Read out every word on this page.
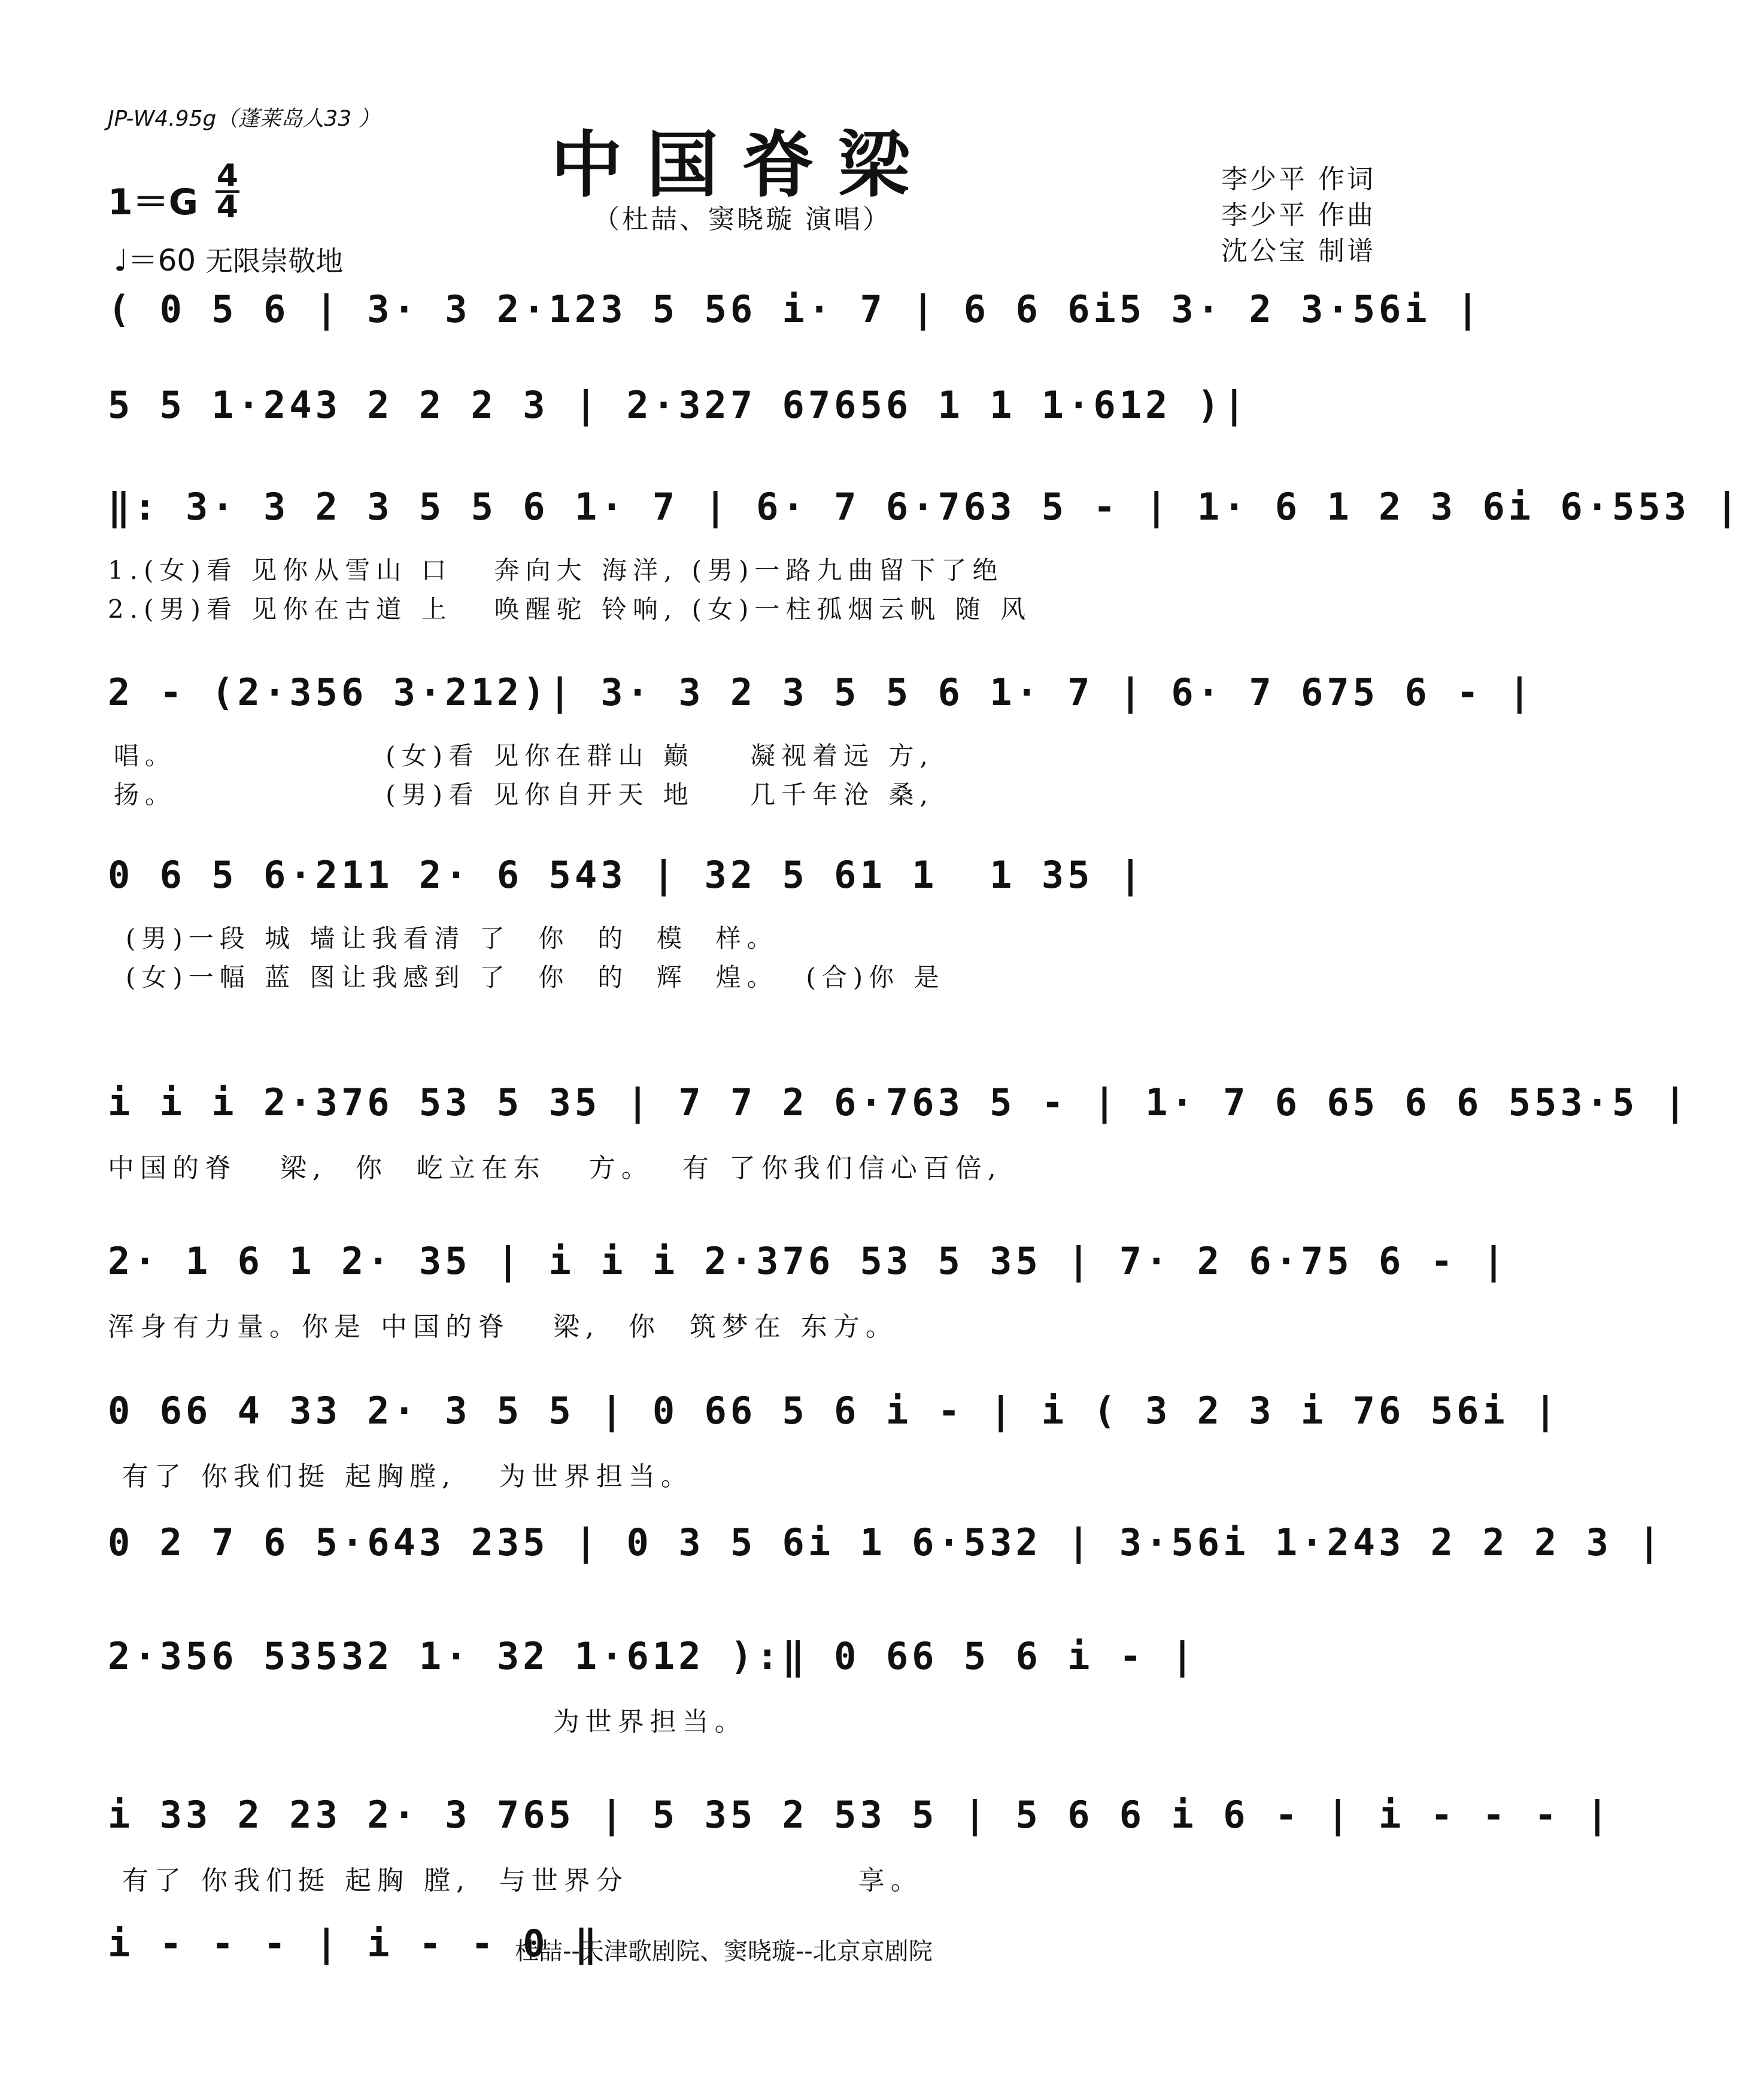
JP-W4.95g（蓬莱岛人33 ）
中国脊梁
（杜喆、窦晓璇 演唱）
李少平 作词
李少平 作曲
沈公宝 制谱
1＝G
4
4
♩＝60 无限崇敬地
( 0 5 6 | 3· 3 2·123 5 56 i· 7 | 6 6 6i5 3· 2 3·56i |
5 5 1·243 2 2 2 3 | 2·327 67656 1 1 1·612 )|
‖: 3· 3 2 3 5 5 6 1· 7 | 6· 7 6·763 5 - | 1· 6 1 2 3 6i 6·553 |
1.(女)看 见你从雪山 口   奔向大 海洋, (男)一路九曲留下了绝
2.(男)看 见你在古道 上   唤醒驼 铃响, (女)一柱孤烟云帆 随 风
2 - (2·356 3·212)| 3· 3 2 3 5 5 6 1· 7 | 6· 7 675 6 - |
唱。               (女)看 见你在群山 巅    凝视着远 方,
扬。               (男)看 见你自开天 地    几千年沧 桑,
0 6 5 6·211 2· 6 543 | 32 5 61 1  1 35 |
(男)一段 城 墙让我看清 了  你  的  模  样。
(女)一幅 蓝 图让我感到 了  你  的  辉  煌。  (合)你 是
i i i 2·376 53 5 35 | 7 7 2 6·763 5 - | 1· 7 6 65 6 6 553·5 |
中国的脊   梁,  你  屹立在东   方。  有 了你我们信心百倍,
2· 1 6 1 2· 35 | i i i 2·376 53 5 35 | 7· 2 6·75 6 - |
浑身有力量。你是 中国的脊   梁,  你  筑梦在 东方。
0 66 4 33 2· 3 5 5 | 0 66 5 6 i - | i ( 3 2 3 i 76 56i |
有了 你我们挺 起胸膛,   为世界担当。
0 2 7 6 5·643 235 | 0 3 5 6i 1 6·532 | 3·56i 1·243 2 2 2 3 |
2·356 53532 1· 32 1·612 ):‖ 0 66 5 6 i - |
为世界担当。
i 33 2 23 2· 3 765 | 5 35 2 53 5 | 5 6 6 i 6 - | i - - - |
有了 你我们挺 起胸 膛,  与世界分                享。
i - - - | i - - 0 ‖
杜喆--天津歌剧院、窦晓璇--北京京剧院
